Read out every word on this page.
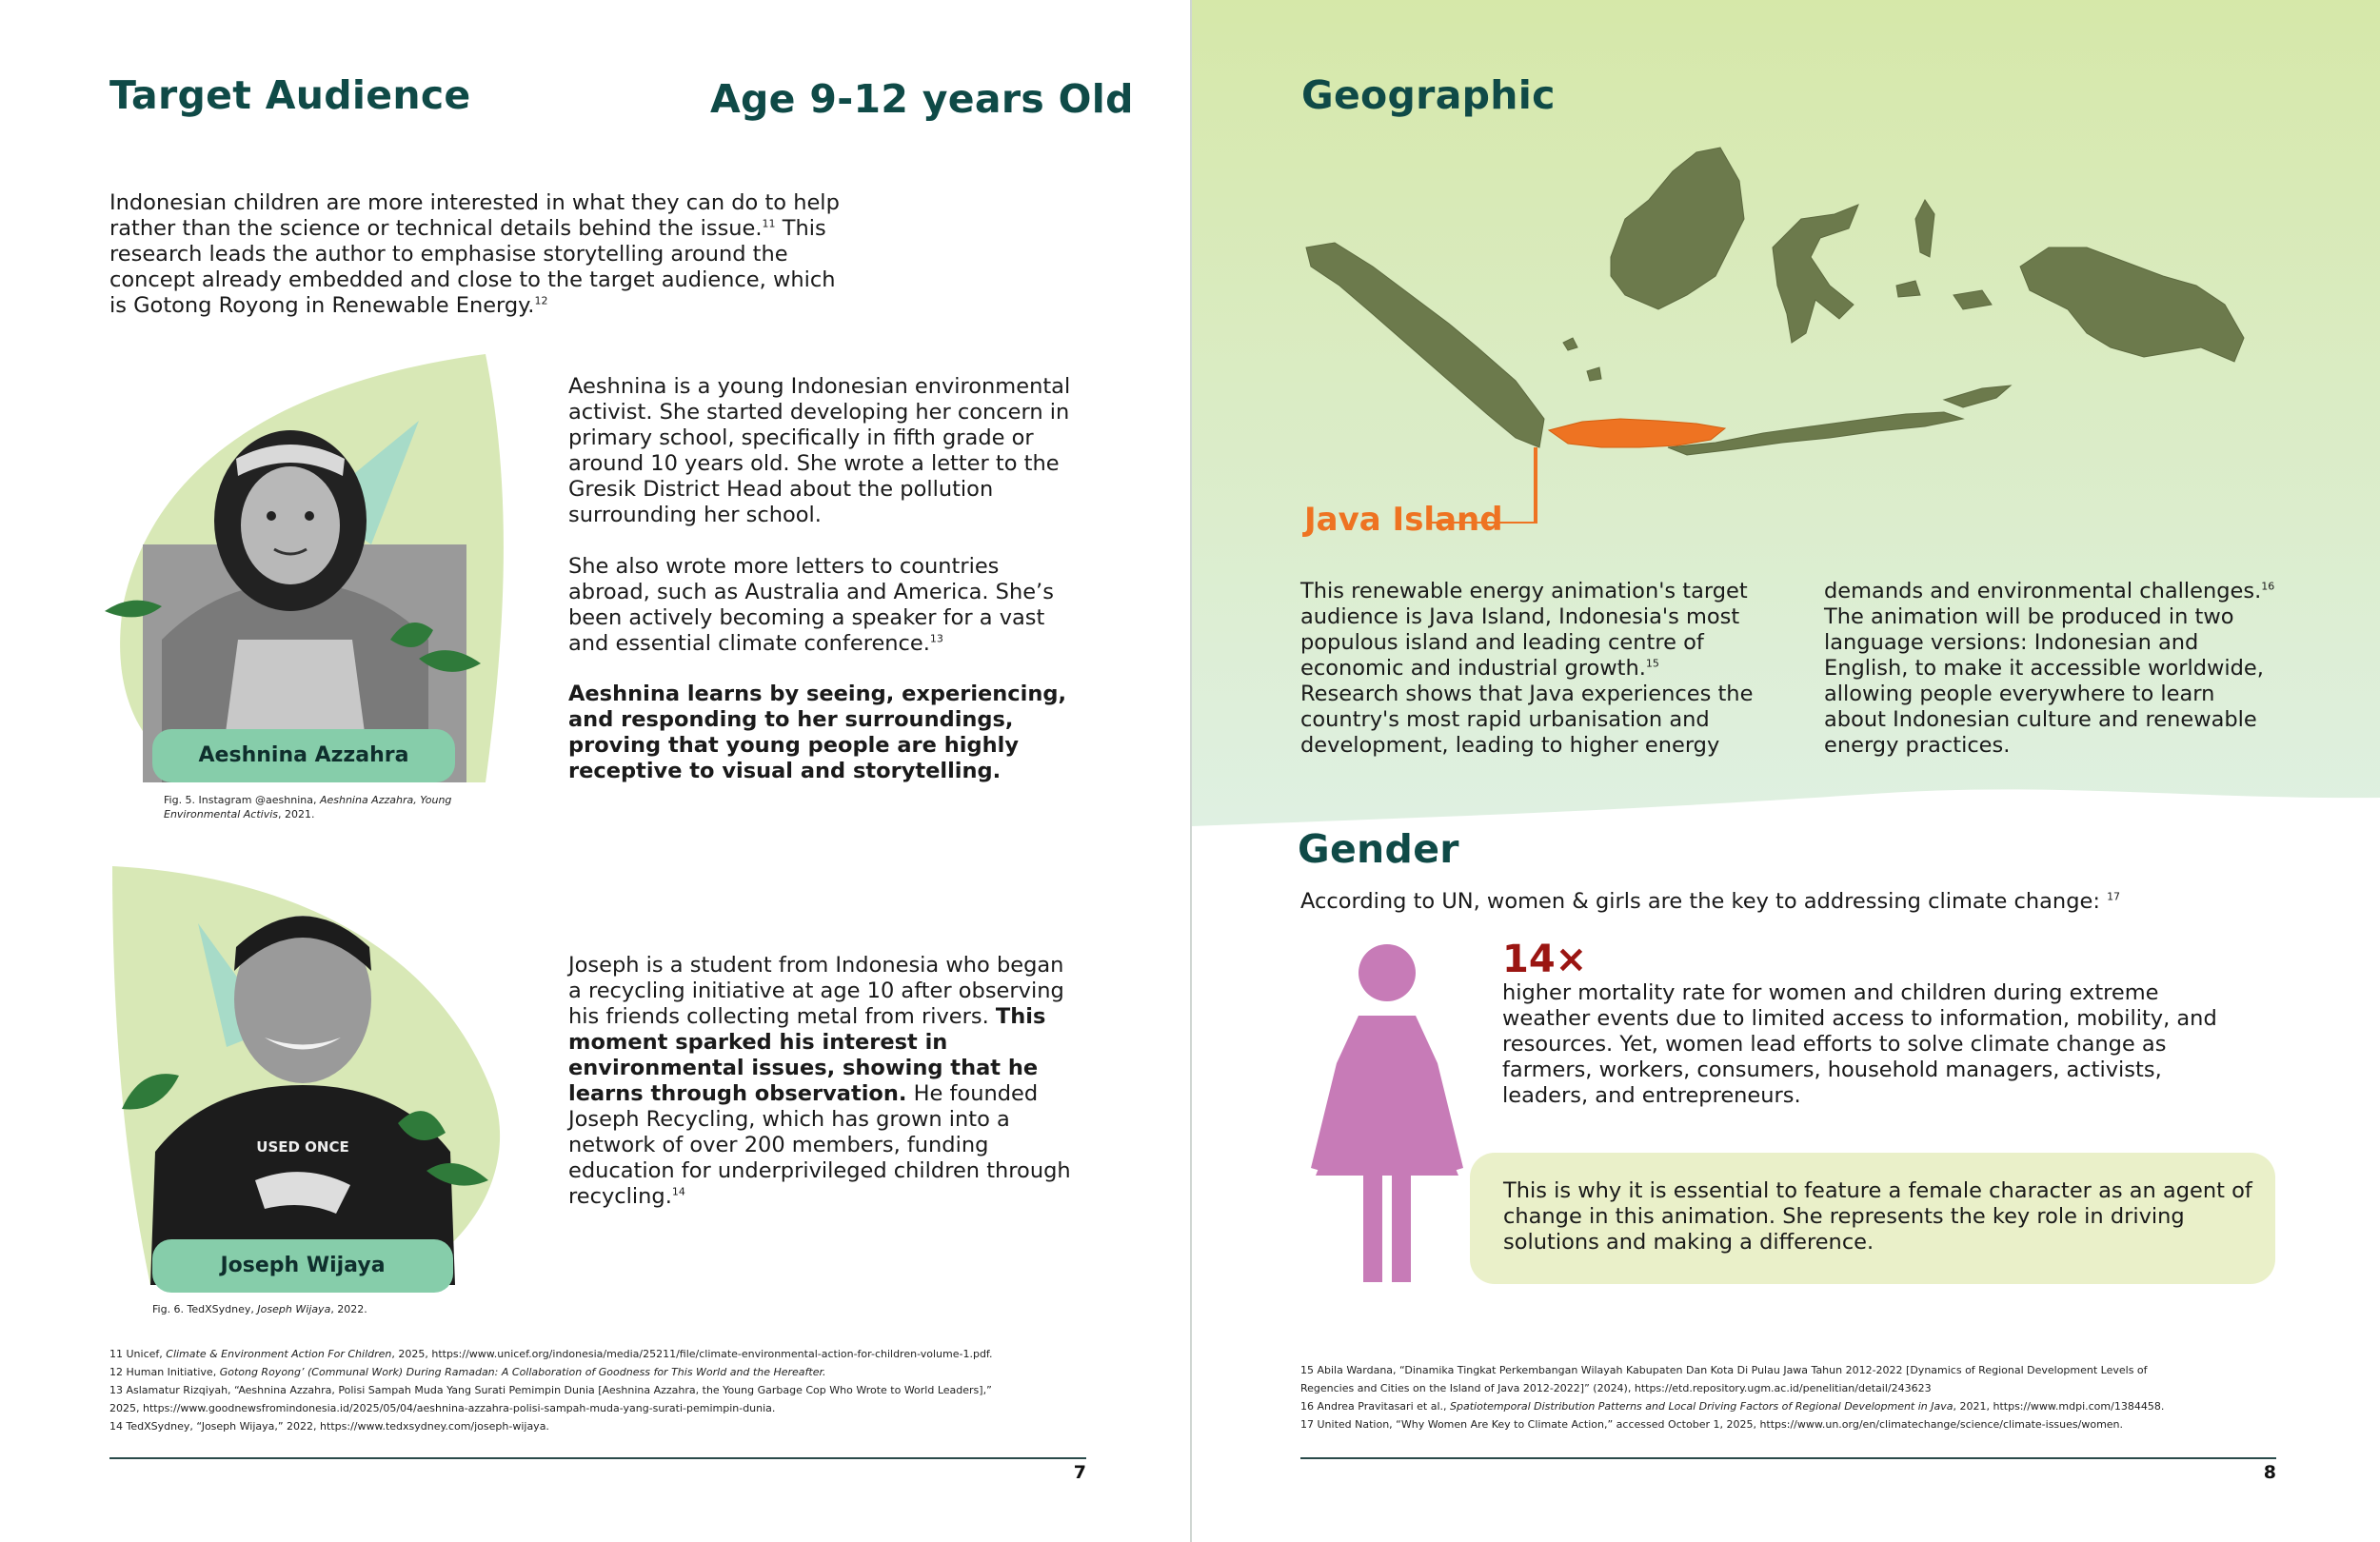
Target Audience	Age 9-12 years Old

Indonesian children are more interested in what they can do to help rather than the science or technical details behind the issue.$^{11}$ This research leads the author to emphasise storytelling around the concept already embedded and close to the target audience, which is Gotong Royong in Renewable Energy.$^{12}$

Aeshnina Azzahra

Fig. 5. Instagram @aeshnina, Aeshnina Azzahra, Young Environmental Activis, 2021.

Aeshnina is a young Indonesian environmental activist. She started developing her concern in primary school, specifically in fifth grade or around 10 years old. She wrote a letter to the Gresik District Head about the pollution surrounding her school.

She also wrote more letters to countries abroad, such as Australia and America. She’s been actively becoming a speaker for a vast and essential climate conference.$^{13}$

Aeshnina learns by seeing, experiencing, and responding to her surroundings, proving that young people are highly receptive to visual and storytelling.

USED ONCE
Joseph Wijaya

Fig. 6. TedXSydney, Joseph Wijaya, 2022.

Joseph is a student from Indonesia who began a recycling initiative at age 10 after observing his friends collecting metal from rivers. This moment sparked his interest in environmental issues, showing that he learns through observation. He founded Joseph Recycling, which has grown into a network of over 200 members, funding education for underprivileged children through recycling.$^{14}$

11 Unicef, Climate & Environment Action For Children, 2025, https://www.unicef.org/indonesia/media/25211/file/climate-environmental-action-for-children-volume-1.pdf.

12 Human Initiative, Gotong Royong’ (Communal Work) During Ramadan: A Collaboration of Goodness for This World and the Hereafter.

13 Aslamatur Rizqiyah, “Aeshnina Azzahra, Polisi Sampah Muda Yang Surati Pemimpin Dunia [Aeshnina Azzahra, the Young Garbage Cop Who Wrote to World Leaders],”

2025, https://www.goodnewsfromindonesia.id/2025/05/04/aeshnina-azzahra-polisi-sampah-muda-yang-surati-pemimpin-dunia.

14 TedXSydney, “Joseph Wijaya,” 2022, https://www.tedxsydney.com/joseph-wijaya.

7
Geographic
Java Island

This renewable energy animation's target audience is Java Island, Indonesia's most populous island and leading centre of economic and industrial growth.$^{15}$ Research shows that Java experiences the country's most rapid urbanisation and development, leading to higher energy demands and environmental challenges.$^{16}$ The animation will be produced in two language versions: Indonesian and English, to make it accessible worldwide, allowing people everywhere to learn about Indonesian culture and renewable energy practices.

Gender

According to UN, women & girls are the key to addressing climate change: $^{17}$

14×

higher mortality rate for women and children during extreme weather events due to limited access to information, mobility, and resources. Yet, women lead efforts to solve climate change as farmers, workers, consumers, household managers, activists, leaders, and entrepreneurs.

This is why it is essential to feature a female character as an agent of change in this animation. She represents the key role in driving solutions and making a difference.

15 Abila Wardana, “Dinamika Tingkat Perkembangan Wilayah Kabupaten Dan Kota Di Pulau Jawa Tahun 2012-2022 [Dynamics of Regional Development Levels of

Regencies and Cities on the Island of Java 2012-2022]” (2024), https://etd.repository.ugm.ac.id/penelitian/detail/243623

16 Andrea Pravitasari et al., Spatiotemporal Distribution Patterns and Local Driving Factors of Regional Development in Java, 2021, https://www.mdpi.com/1384458.

17 United Nation, “Why Women Are Key to Climate Action,” accessed October 1, 2025, https://www.un.org/en/climatechange/science/climate-issues/women.

8
